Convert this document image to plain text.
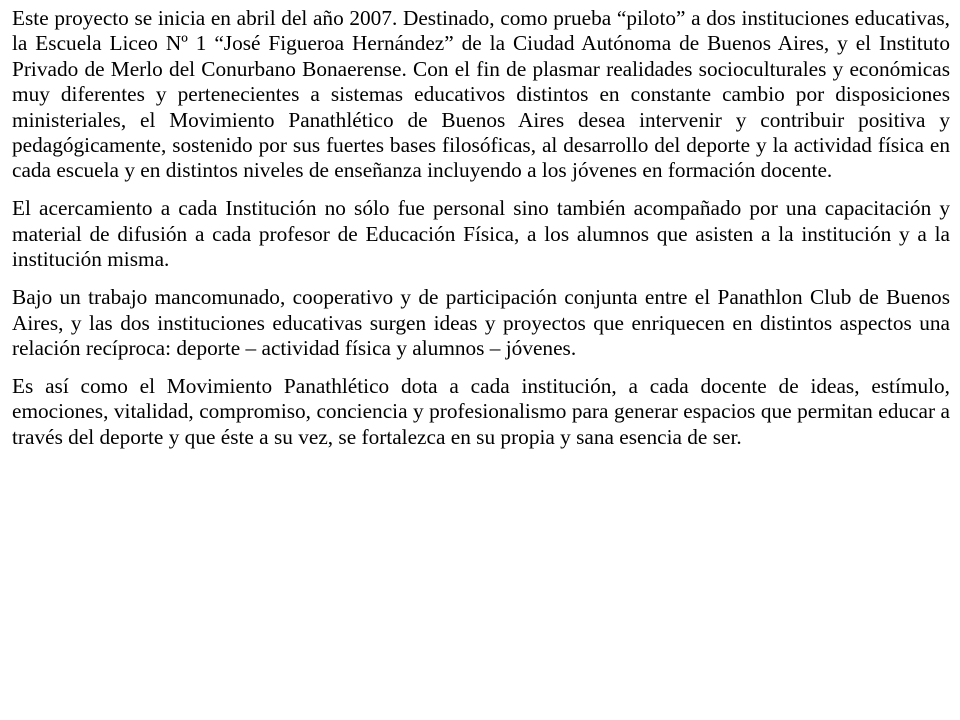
Este proyecto se inicia en abril del año 2007. Destinado, como prueba “piloto” a dos instituciones educativas, la Escuela Liceo Nº 1 “José Figueroa Hernández” de la Ciudad Autónoma de Buenos Aires, y el Instituto Privado de Merlo del Conurbano Bonaerense. Con el fin de plasmar realidades socioculturales y económicas muy diferentes y pertenecientes a sistemas educativos distintos en constante cambio por disposiciones ministeriales, el Movimiento Panathlético de Buenos Aires desea intervenir y contribuir positiva y pedagógicamente, sostenido por sus fuertes bases filosóficas, al desarrollo del deporte y la actividad física en cada escuela y en distintos niveles de enseñanza incluyendo a los jóvenes en formación docente.

El acercamiento a cada Institución no sólo fue personal sino también acompañado por una capacitación y material de difusión a cada profesor de Educación Física, a los alumnos que asisten a la institución y a la institución misma.

Bajo un trabajo mancomunado, cooperativo y de participación conjunta entre el Panathlon Club de Buenos Aires, y las dos instituciones educativas surgen ideas y proyectos que enriquecen en distintos aspectos una relación recíproca: deporte – actividad física y alumnos – jóvenes.

Es así como el Movimiento Panathlético dota a cada institución, a cada docente de ideas, estímulo, emociones, vitalidad, compromiso, conciencia y profesionalismo para generar espacios que permitan educar a través del deporte y que éste a su vez, se fortalezca en su propia y sana esencia de ser.
